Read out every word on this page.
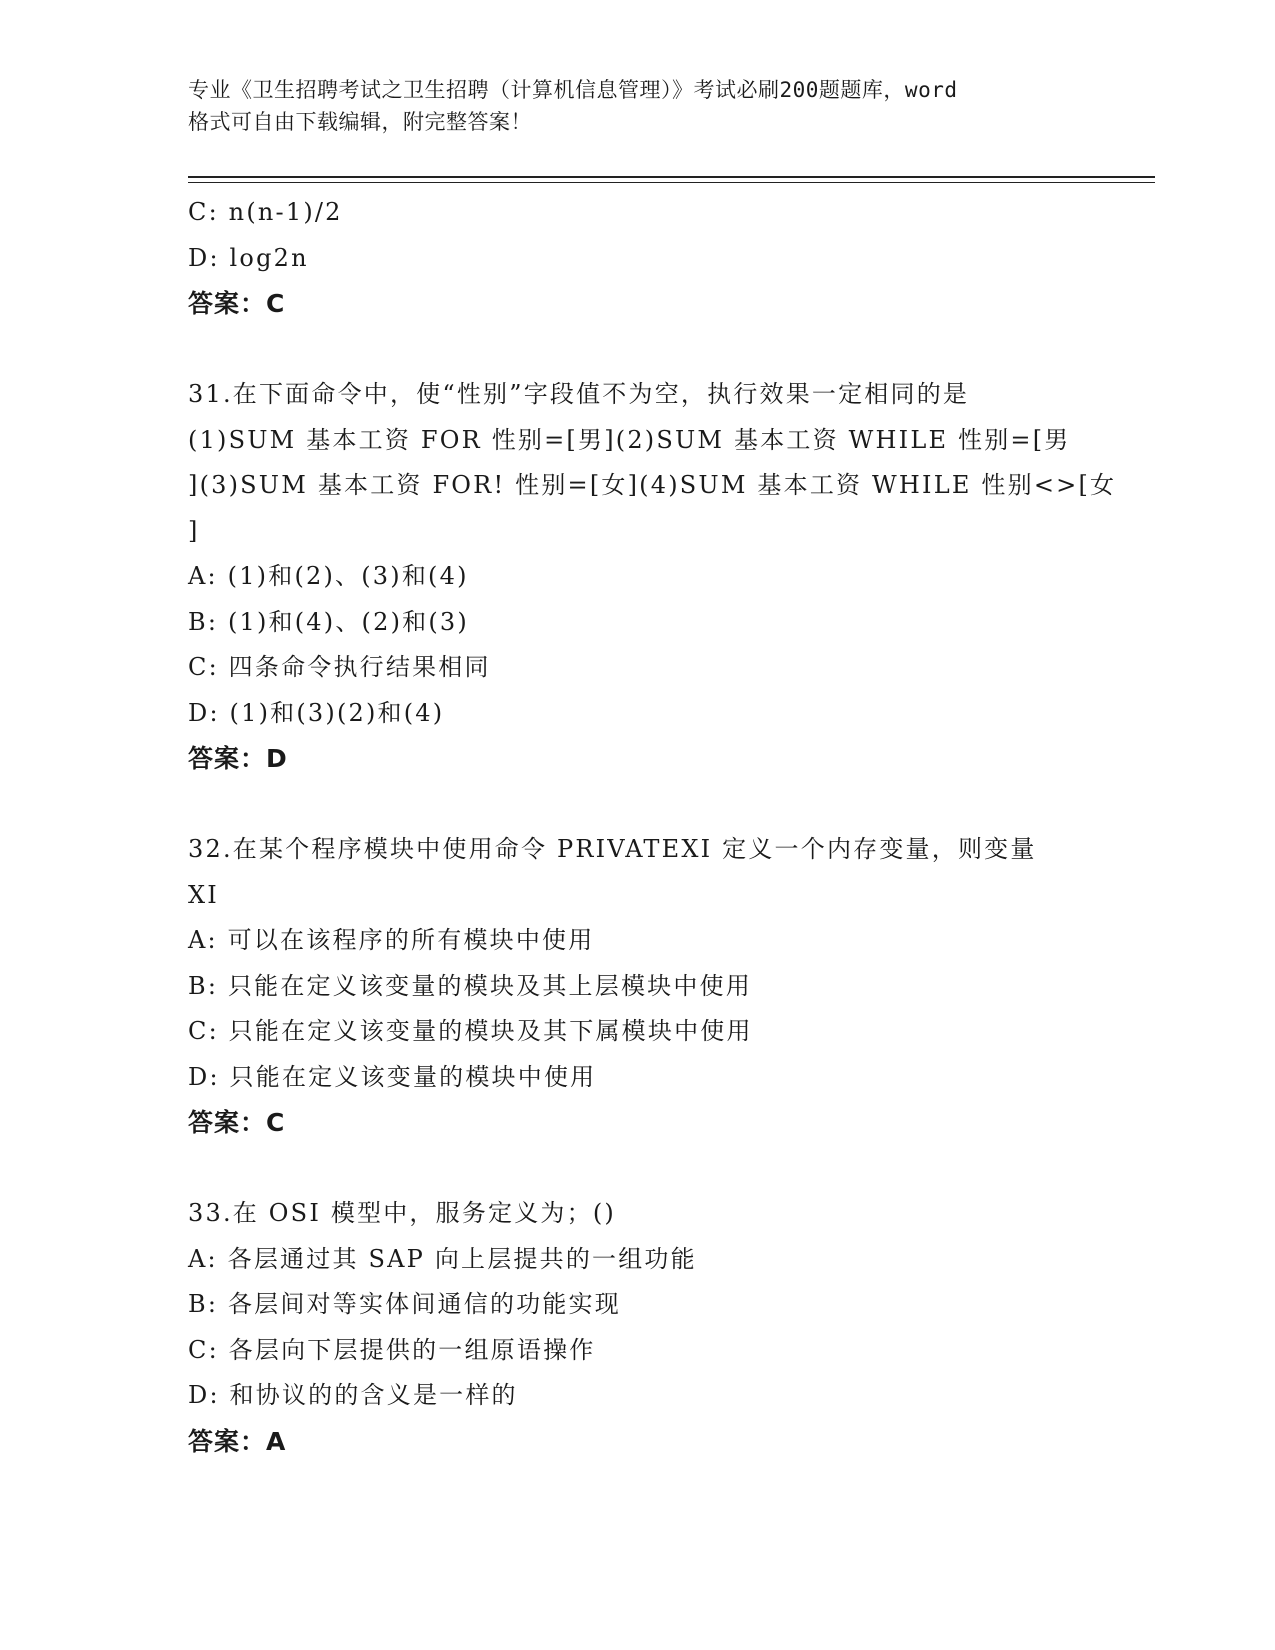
专业《卫生招聘考试之卫生招聘（计算机信息管理）》考试必刷200题题库，word
格式可自由下载编辑，附完整答案！
C: n(n-1)/2
D: log2n
答案：C
31.在下面命令中，使“性别”字段值不为空，执行效果一定相同的是
(1)SUM 基本工资 FOR 性别=[男](2)SUM 基本工资 WHILE 性别=[男
](3)SUM 基本工资 FOR! 性别=[女](4)SUM 基本工资 WHILE 性别<>[女
]
A: (1)和(2)、(3)和(4)
B: (1)和(4)、(2)和(3)
C: 四条命令执行结果相同
D: (1)和(3)(2)和(4)
答案：D
32.在某个程序模块中使用命令 PRIVATEXI 定义一个内存变量，则变量
XI
A: 可以在该程序的所有模块中使用
B: 只能在定义该变量的模块及其上层模块中使用
C: 只能在定义该变量的模块及其下属模块中使用
D: 只能在定义该变量的模块中使用
答案：C
33.在 OSI 模型中，服务定义为；()
A: 各层通过其 SAP 向上层提共的一组功能
B: 各层间对等实体间通信的功能实现
C: 各层向下层提供的一组原语操作
D: 和协议的的含义是一样的
答案：A
